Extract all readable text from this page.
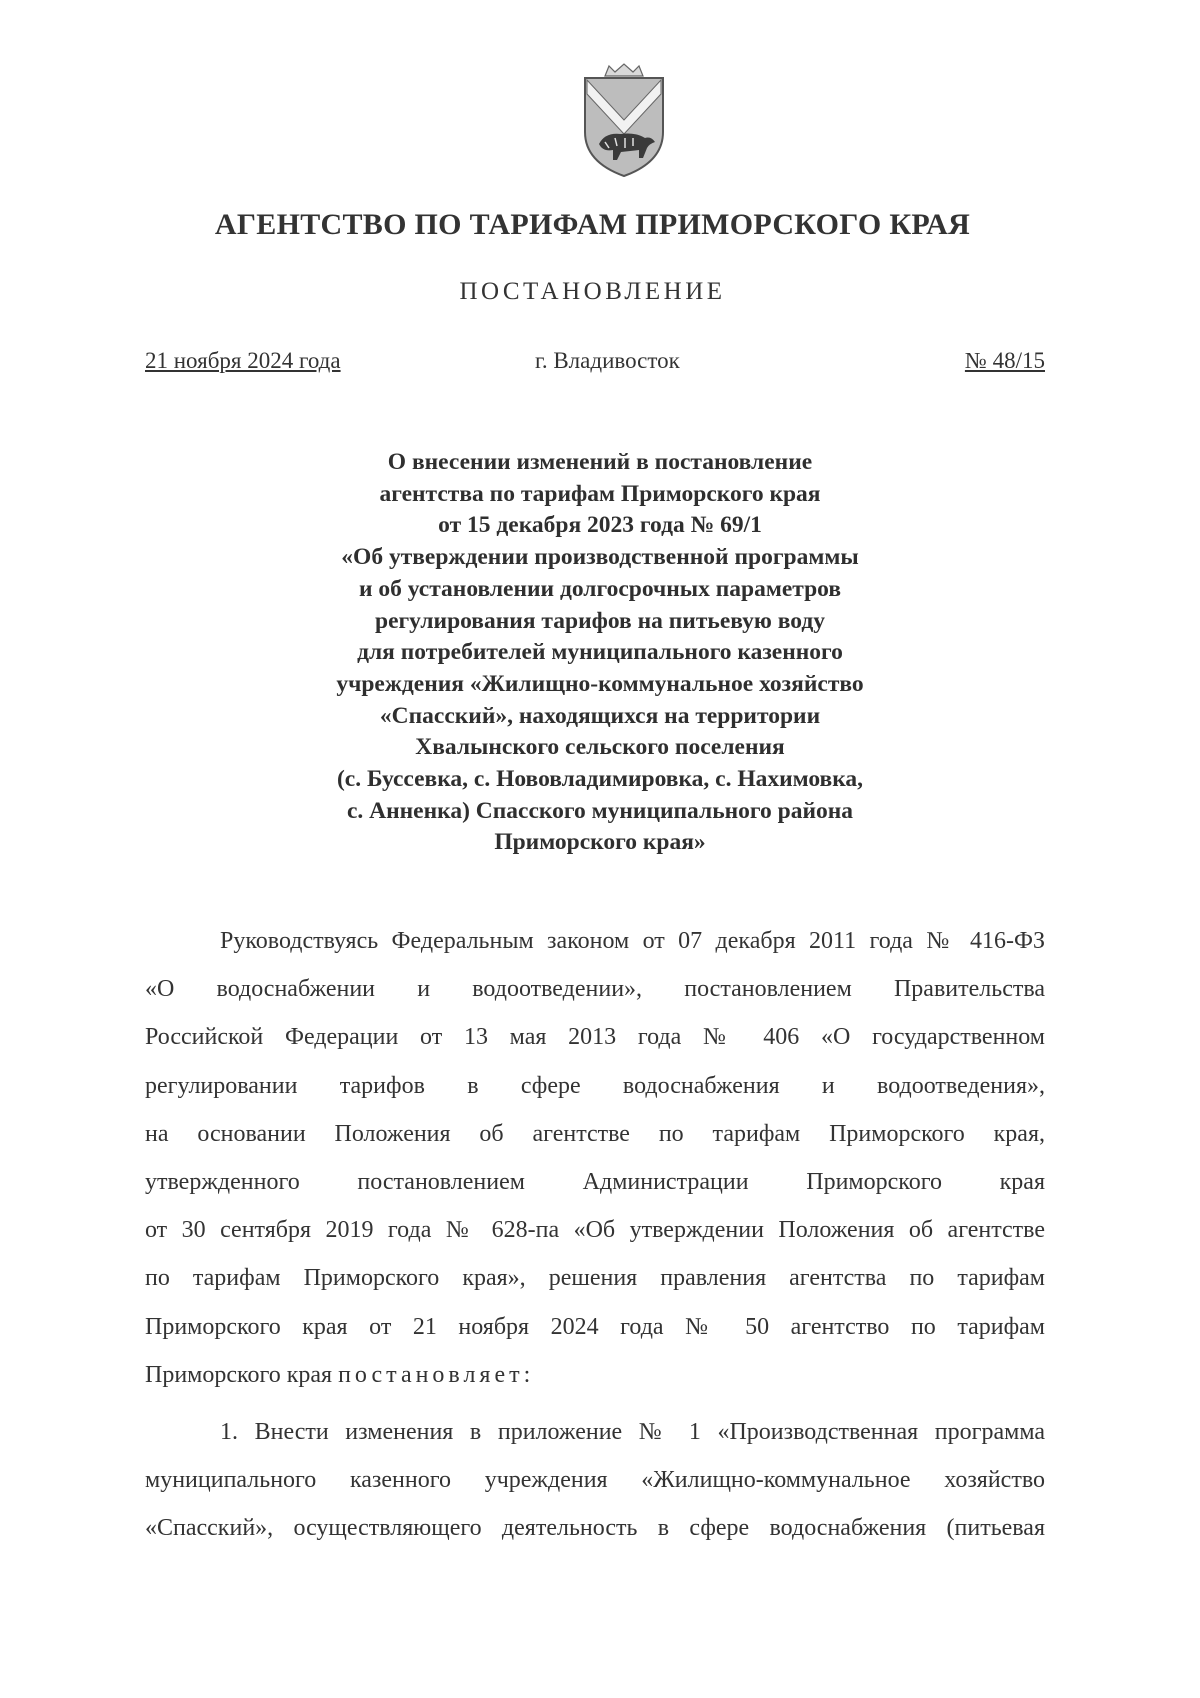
АГЕНТСТВО ПО ТАРИФАМ ПРИМОРСКОГО КРАЯ
ПОСТАНОВЛЕНИЕ
21 ноября 2024 года	г. Владивосток	№ 48/15
О внесении изменений в постановление
агентства по тарифам Приморского края
от 15 декабря 2023 года № 69/1
«Об утверждении производственной программы
и об установлении долгосрочных параметров
регулирования тарифов на питьевую воду
для потребителей муниципального казенного
учреждения «Жилищно-коммунальное хозяйство
«Спасский», находящихся на территории
Хвалынского сельского поселения
(с. Буссевка, с. Нововладимировка, с. Нахимовка,
с. Анненка) Спасского муниципального района
Приморского края»
Руководствуясь Федеральным законом от 07 декабря 2011 года № 416-ФЗ
«О водоснабжении и водоотведении», постановлением Правительства
Российской Федерации от 13 мая 2013 года № 406 «О государственном
регулировании тарифов в сфере водоснабжения и водоотведения»,
на основании Положения об агентстве по тарифам Приморского края,
утвержденного постановлением Администрации Приморского края
от 30 сентября 2019 года № 628-па «Об утверждении Положения об агентстве
по тарифам Приморского края», решения правления агентства по тарифам
Приморского края от 21 ноября 2024 года № 50 агентство по тарифам
Приморского края постановляет:
1. Внести изменения в приложение № 1 «Производственная программа
муниципального казенного учреждения «Жилищно-коммунальное хозяйство
«Спасский», осуществляющего деятельность в сфере водоснабжения (питьевая
